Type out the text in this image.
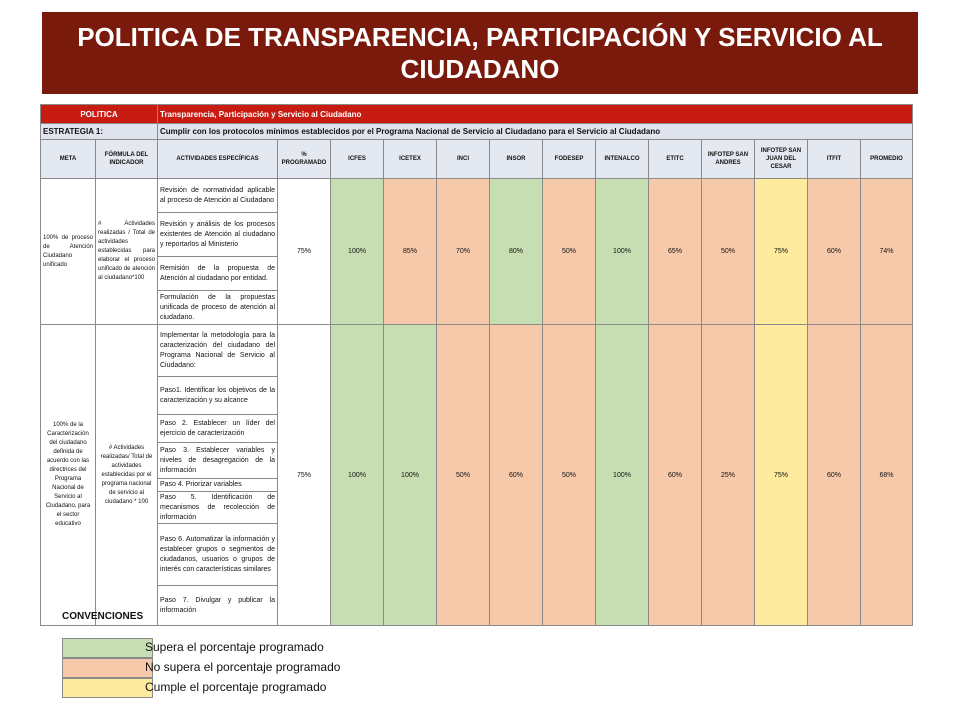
POLITICA DE TRANSPARENCIA, PARTICIPACIÓN Y SERVICIO AL CIUDADANO
POLITICA		Transparencia, Participación y Servicio al Ciudadano												
ESTRATEGIA 1:		Cumplir con los protocolos mínimos establecidos por el Programa Nacional de Servicio al Ciudadano para el Servicio al Ciudadano												
META	FÓRMULA DEL INDICADOR	ACTIVIDADES ESPECÍFICAS	% PROGRAMADO	ICFES	ICETEX	INCI	INSOR	FODESEP	INTENALCO	ETITC	INFOTEP SAN ANDRES	INFOTEP SAN JUAN DEL CESAR	ITFIT	PROMEDIO
100% de proceso de Atención Ciudadano unificado	# Actividades realizadas / Total de actividades establecidas para elaborar el proceso unificado de atención al ciudadano*100	Revisión de normatividad aplicable al proceso de Atención al Ciudadano	75%	100%	85%	70%	80%	50%	100%	65%	50%	75%	60%	74%
		Revisión y análisis de los procesos existentes de Atención al ciudadano y reportarlos al Ministerio												
		Remisión de la propuesta de Atención al ciudadano por entidad.												
		Formulación de la propuestas unificada de proceso de atención al ciudadano.												
100% de la Caracterización del ciudadano definida de acuerdo con las directrices del Programa Nacional de Servicio al Ciudadano, para el sector educativo	# Actividades realizadas/ Total de actividades establecidas por el programa nacional de servicio al ciudadano * 100	Implementar la metodología para la caracterización del ciudadano del Programa Nacional de Servicio al Ciudadano:	75%	100%	100%	50%	60%	50%	100%	60%	25%	75%	60%	68%
		Paso1. Identificar los objetivos de la caracterización y su alcance												
		Paso 2. Establecer un líder del ejercicio de caracterización												
		Paso 3. Establecer variables y niveles de desagregación de la información												
		Paso 4. Priorizar variables												
		Paso 5. Identificación de mecanismos de recolección de información												
		Paso 6. Automatizar la información y establecer grupos o segmentos de ciudadanos, usuarios o grupos de interés con características similares												
		Paso 7. Divulgar y publicar la información												
CONVENCIONES
Supera el porcentaje programado
No supera el porcentaje programado
Cumple el porcentaje programado
